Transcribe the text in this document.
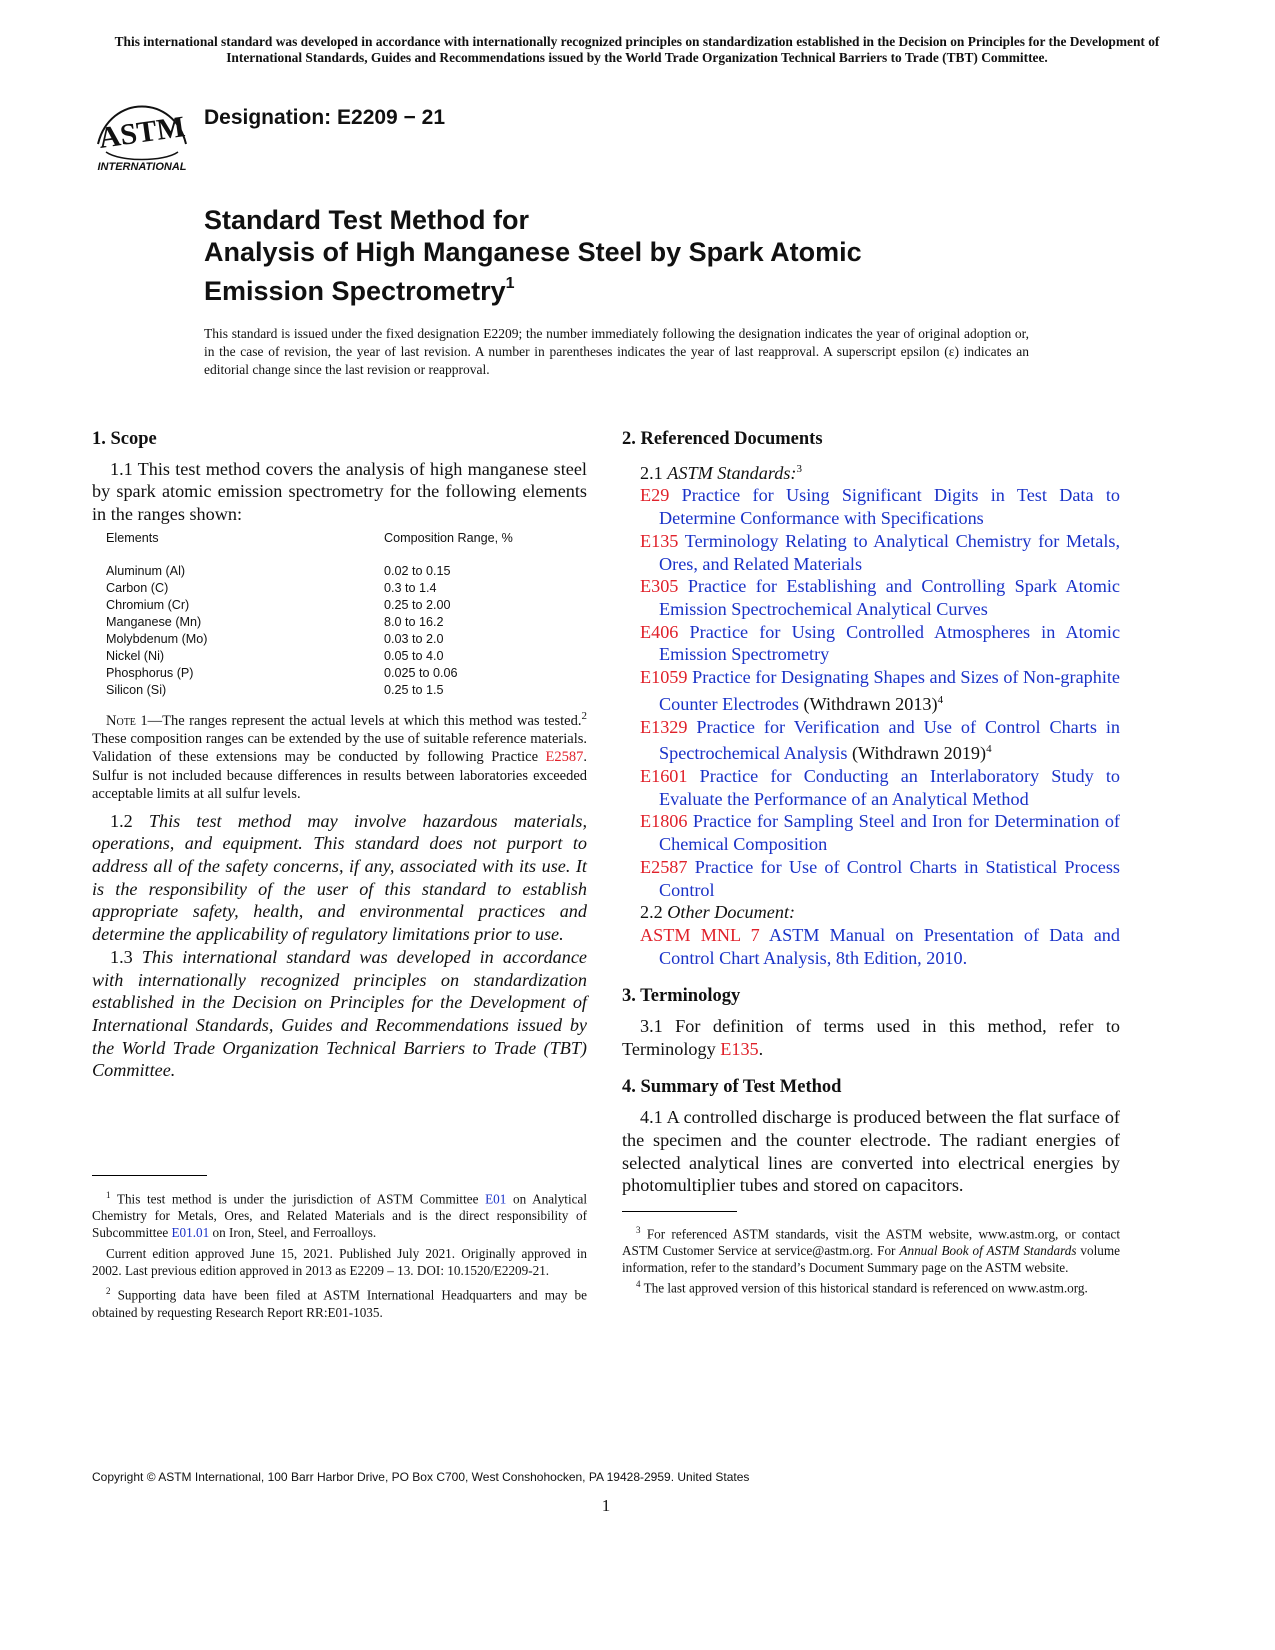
This international standard was developed in accordance with internationally recognized principles on standardization established in the Decision on Principles for the Development of International Standards, Guides and Recommendations issued by the World Trade Organization Technical Barriers to Trade (TBT) Committee.
ASTM
INTERNATIONAL
Designation: E2209 − 21
Standard Test Method for
Analysis of High Manganese Steel by Spark Atomic
Emission Spectrometry$^1$
This standard is issued under the fixed designation E2209; the number immediately following the designation indicates the year of original adoption or, in the case of revision, the year of last revision. A number in parentheses indicates the year of last reapproval. A superscript epsilon (ε) indicates an editorial change since the last revision or reapproval.
1. Scope

1.1 This test method covers the analysis of high manganese steel by spark atomic emission spectrometry for the following elements in the ranges shown:

Elements	Composition Range, %
Aluminum (Al)	0.02 to 0.15
Carbon (C)	0.3 to 1.4
Chromium (Cr)	0.25 to 2.00
Manganese (Mn)	8.0 to 16.2
Molybdenum (Mo)	0.03 to 2.0
Nickel (Ni)	0.05 to 4.0
Phosphorus (P)	0.025 to 0.06
Silicon (Si)	0.25 to 1.5

Note 1—The ranges represent the actual levels at which this method was tested.$^2$ These composition ranges can be extended by the use of suitable reference materials. Validation of these extensions may be conducted by following Practice E2587. Sulfur is not included because differences in results between laboratories exceeded acceptable limits at all sulfur levels.

1.2 This test method may involve hazardous materials, operations, and equipment. This standard does not purport to address all of the safety concerns, if any, associated with its use. It is the responsibility of the user of this standard to establish appropriate safety, health, and environmental practices and determine the applicability of regulatory limitations prior to use.

1.3 This international standard was developed in accordance with internationally recognized principles on standardization established in the Decision on Principles for the Development of International Standards, Guides and Recommendations issued by the World Trade Organization Technical Barriers to Trade (TBT) Committee.

2. Referenced Documents

2.1 ASTM Standards:$^3$

E29 Practice for Using Significant Digits in Test Data to Determine Conformance with Specifications

E135 Terminology Relating to Analytical Chemistry for Metals, Ores, and Related Materials

E305 Practice for Establishing and Controlling Spark Atomic Emission Spectrochemical Analytical Curves

E406 Practice for Using Controlled Atmospheres in Atomic Emission Spectrometry

E1059 Practice for Designating Shapes and Sizes of Non-graphite Counter Electrodes (Withdrawn 2013)$^4$

E1329 Practice for Verification and Use of Control Charts in Spectrochemical Analysis (Withdrawn 2019)$^4$

E1601 Practice for Conducting an Interlaboratory Study to Evaluate the Performance of an Analytical Method

E1806 Practice for Sampling Steel and Iron for Determination of Chemical Composition

E2587 Practice for Use of Control Charts in Statistical Process Control

2.2 Other Document:

ASTM MNL 7 ASTM Manual on Presentation of Data and Control Chart Analysis, 8th Edition, 2010.

3. Terminology

3.1 For definition of terms used in this method, refer to Terminology E135.

4. Summary of Test Method

4.1 A controlled discharge is produced between the flat surface of the specimen and the counter electrode. The radiant energies of selected analytical lines are converted into electrical energies by photomultiplier tubes and stored on capacitors.

$^1$ This test method is under the jurisdiction of ASTM Committee E01 on Analytical Chemistry for Metals, Ores, and Related Materials and is the direct responsibility of Subcommittee E01.01 on Iron, Steel, and Ferroalloys.

Current edition approved June 15, 2021. Published July 2021. Originally approved in 2002. Last previous edition approved in 2013 as E2209 – 13. DOI: 10.1520/E2209-21.

$^2$ Supporting data have been filed at ASTM International Headquarters and may be obtained by requesting Research Report RR:E01-1035.

$^3$ For referenced ASTM standards, visit the ASTM website, www.astm.org, or contact ASTM Customer Service at service@astm.org. For Annual Book of ASTM Standards volume information, refer to the standard’s Document Summary page on the ASTM website.

$^4$ The last approved version of this historical standard is referenced on www.astm.org.

Copyright © ASTM International, 100 Barr Harbor Drive, PO Box C700, West Conshohocken, PA 19428-2959. United States
1
